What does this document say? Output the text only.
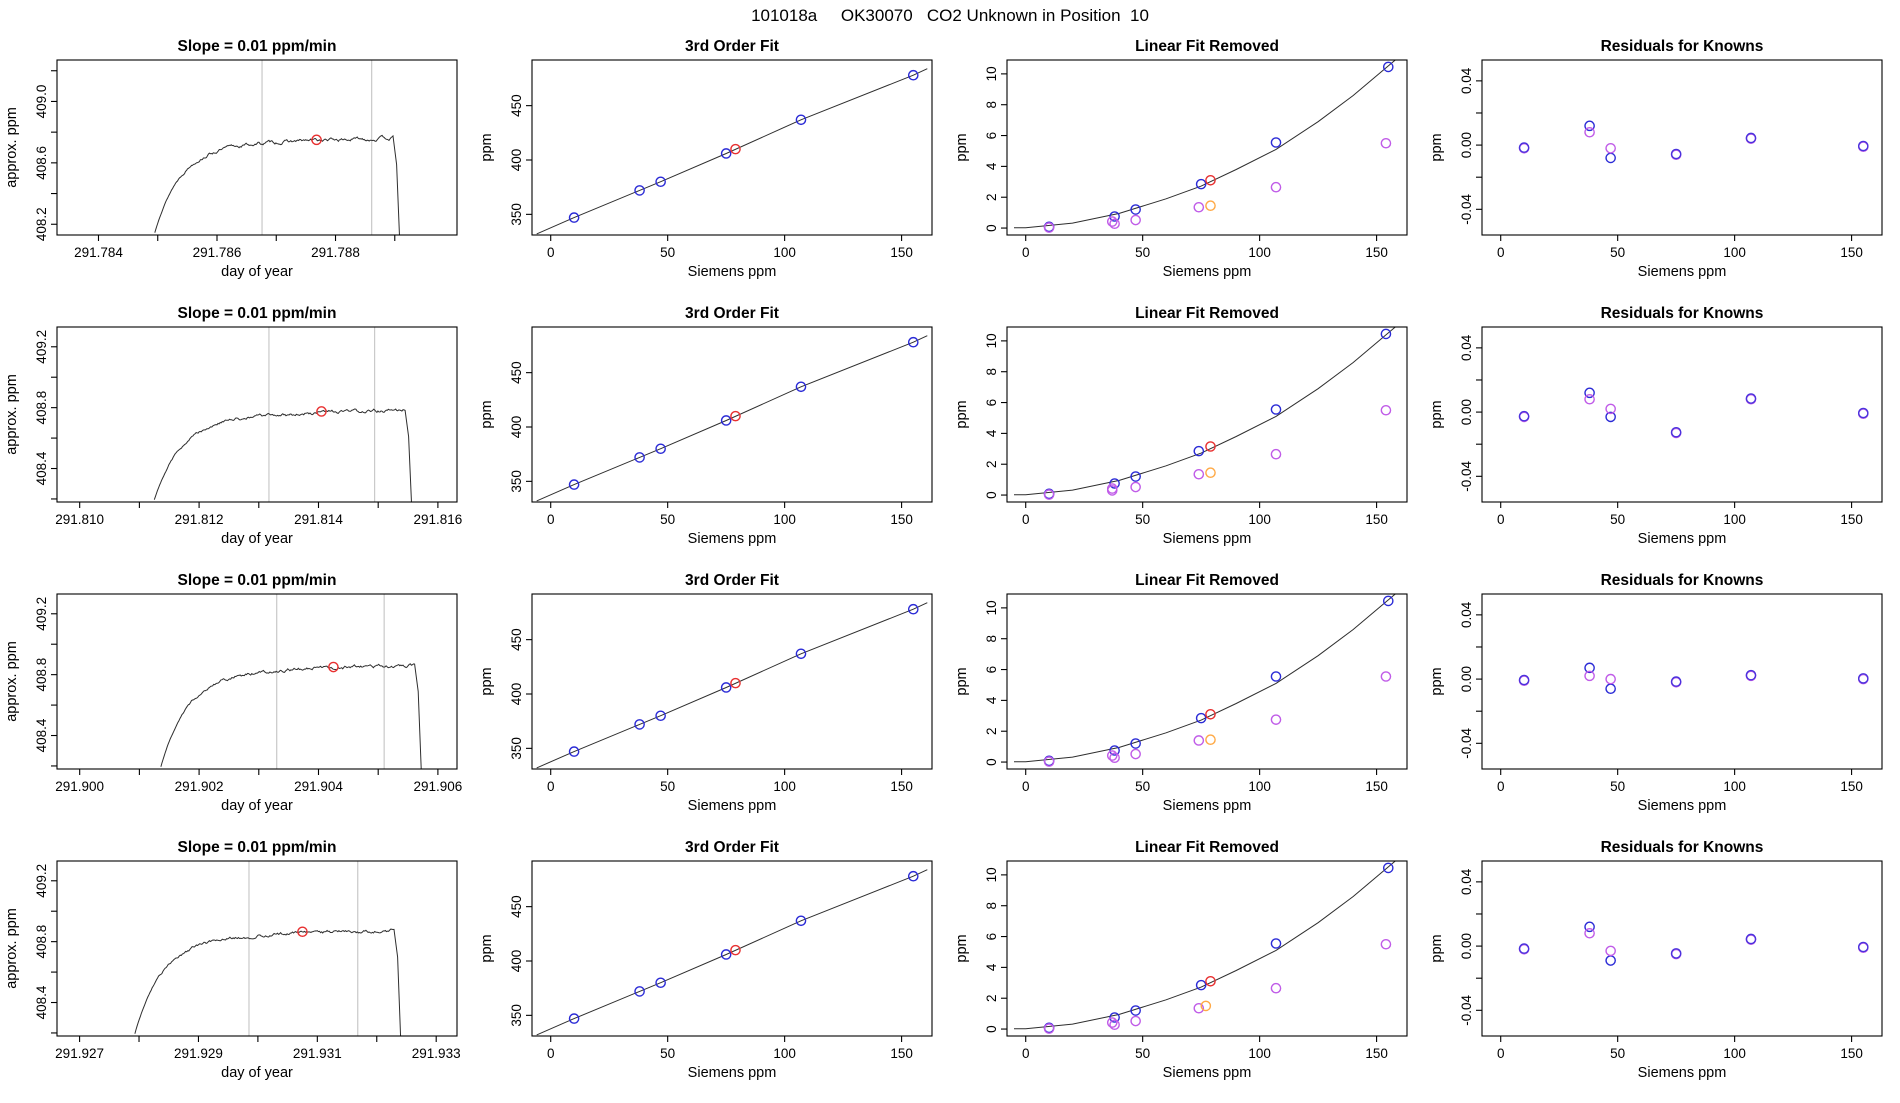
101018a     OK30070   CO2 Unknown in Position  10
291.784	291.786	291.788
408.2
408.6
409.0
day of year
approx. ppm
Slope = 0.01 ppm/min
0	50	100	150
350
400
450
Siemens ppm
ppm
3rd Order Fit
0	50	100	150
0
2
4
6
8
10
Siemens ppm
ppm
Linear Fit Removed
0	50	100	150
-0.04
0.00
0.04
Siemens ppm
ppm
Residuals for Knowns
291.810	291.812	291.814	291.816
408.4
408.8
409.2
day of year
approx. ppm
Slope = 0.01 ppm/min
0	50	100	150
350
400
450
Siemens ppm
ppm
3rd Order Fit
0	50	100	150
0
2
4
6
8
10
Siemens ppm
ppm
Linear Fit Removed
0	50	100	150
-0.04
0.00
0.04
Siemens ppm
ppm
Residuals for Knowns
291.900	291.902	291.904	291.906
408.4
408.8
409.2
day of year
approx. ppm
Slope = 0.01 ppm/min
0	50	100	150
350
400
450
Siemens ppm
ppm
3rd Order Fit
0	50	100	150
0
2
4
6
8
10
Siemens ppm
ppm
Linear Fit Removed
0	50	100	150
-0.04
0.00
0.04
Siemens ppm
ppm
Residuals for Knowns
291.927	291.929	291.931	291.933
408.4
408.8
409.2
day of year
approx. ppm
Slope = 0.01 ppm/min
0	50	100	150
350
400
450
Siemens ppm
ppm
3rd Order Fit
0	50	100	150
0
2
4
6
8
10
Siemens ppm
ppm
Linear Fit Removed
0	50	100	150
-0.04
0.00
0.04
Siemens ppm
ppm
Residuals for Knowns
